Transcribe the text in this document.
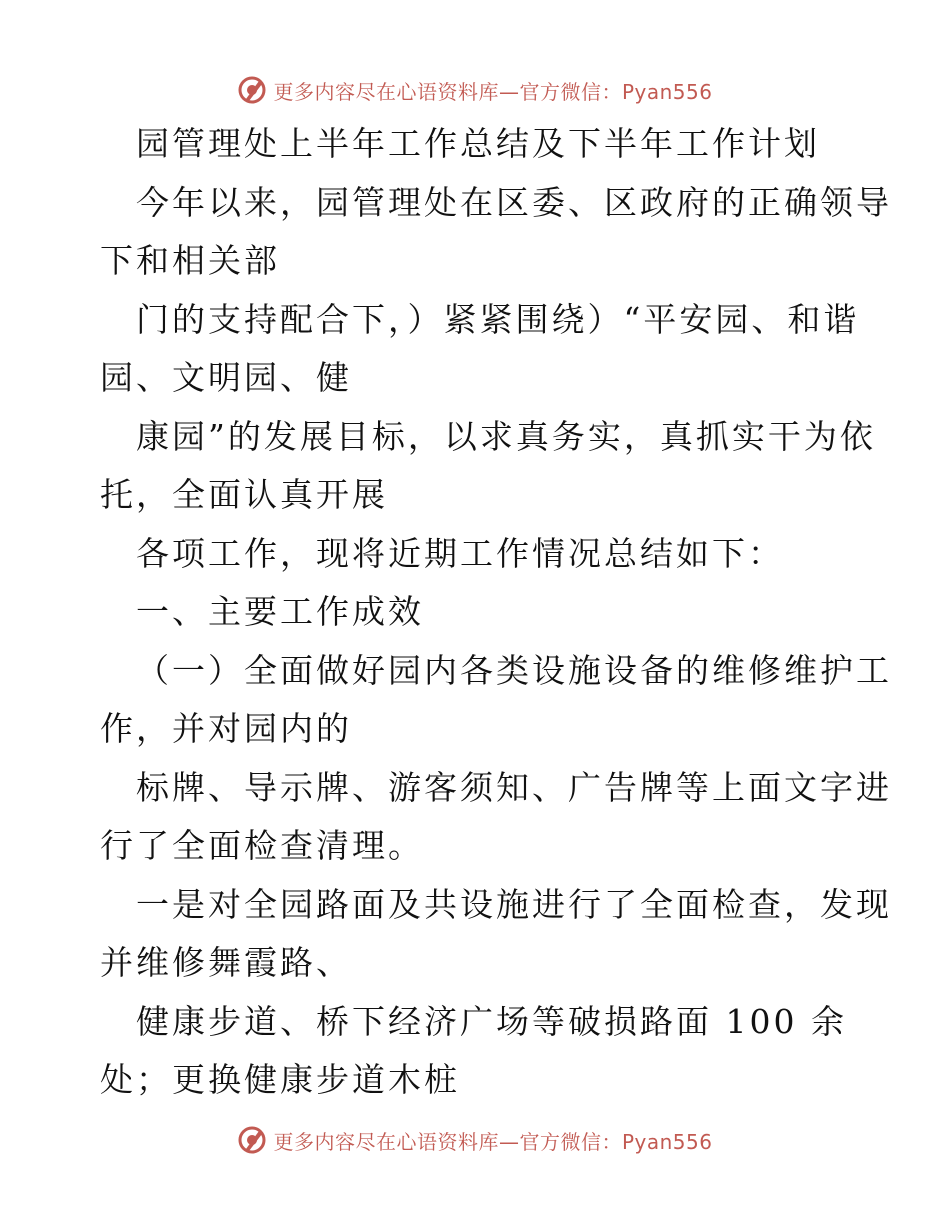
更多内容尽在心语资料库—官方微信：Pyan556
园管理处上半年工作总结及下半年工作计划
今年以来，园管理处在区委、区政府的正确领导
下和相关部
门的支持配合下，）紧紧围绕）“平安园、和谐
园、文明园、健
康园”的发展目标，以求真务实，真抓实干为依
托，全面认真开展
各项工作，现将近期工作情况总结如下：
一、主要工作成效
（一）全面做好园内各类设施设备的维修维护工
作，并对园内的
标牌、导示牌、游客须知、广告牌等上面文字进
行了全面检查清理。
一是对全园路面及共设施进行了全面检查，发现
并维修舞霞路、
健康步道、桥下经济广场等破损路面 100 余
处；更换健康步道木桩
更多内容尽在心语资料库—官方微信：Pyan556
